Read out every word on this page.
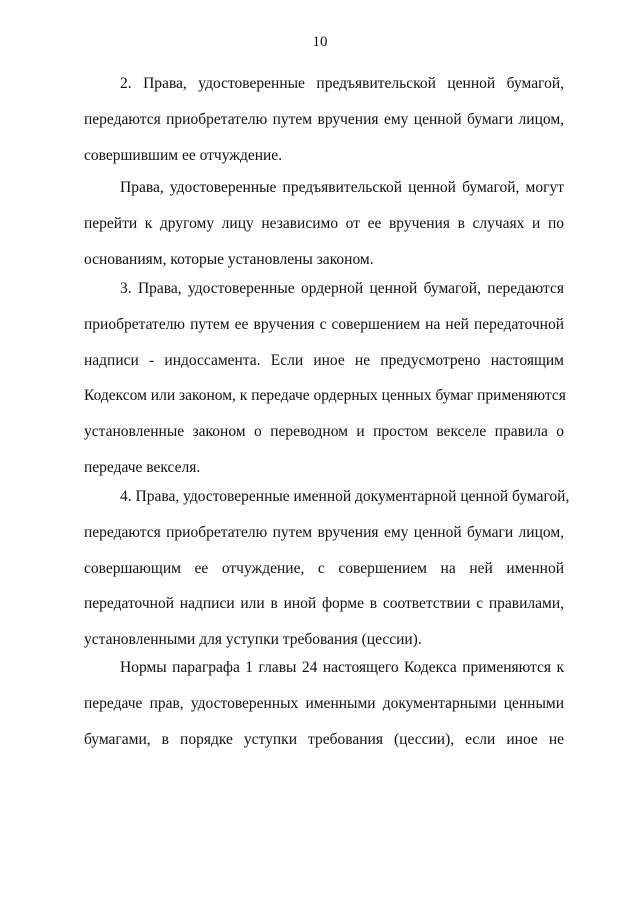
10

2. Права, удостоверенные предъявительской ценной бумагой,
передаются приобретателю путем вручения ему ценной бумаги лицом,
совершившим ее отчуждение.

Права, удостоверенные предъявительской ценной бумагой, могут
перейти к другому лицу независимо от ее вручения в случаях и по
основаниям, которые установлены законом.

3. Права, удостоверенные ордерной ценной бумагой, передаются
приобретателю путем ее вручения с совершением на ней передаточной
надписи - индоссамента. Если иное не предусмотрено настоящим
Кодексом или законом, к передаче ордерных ценных бумаг применяются
установленные законом о переводном и простом векселе правила о
передаче векселя.

4. Права, удостоверенные именной документарной ценной бумагой,
передаются приобретателю путем вручения ему ценной бумаги лицом,
совершающим ее отчуждение, с совершением на ней именной
передаточной надписи или в иной форме в соответствии с правилами,
установленными для уступки требования (цессии).

Нормы параграфа 1 главы 24 настоящего Кодекса применяются к
передаче прав, удостоверенных именными документарными ценными
бумагами, в порядке уступки требования (цессии), если иное не
